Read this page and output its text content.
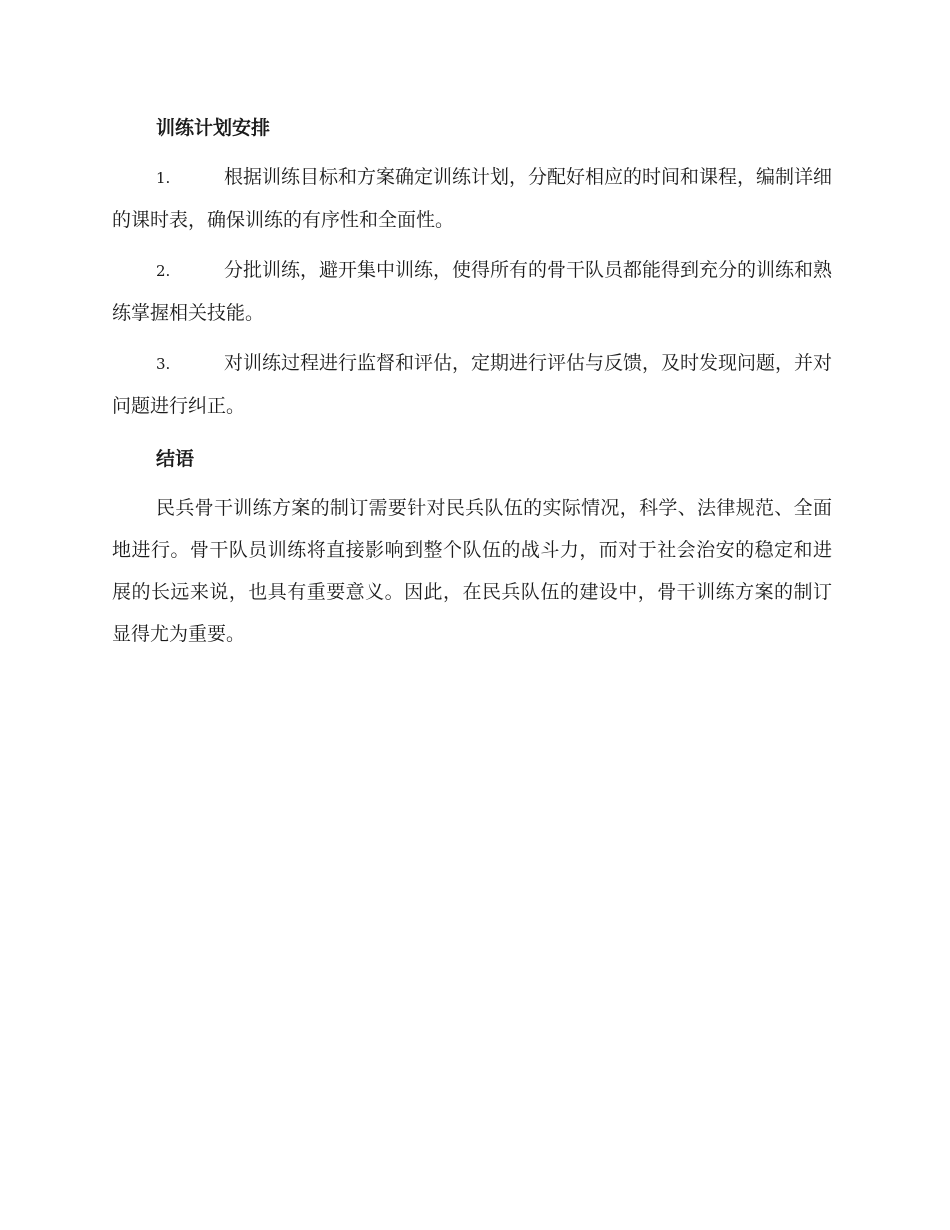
训练计划安排
1.	根据训练目标和方案确定训练计划，分配好相应的时间和课程，编制详细的课时表，确保训练的有序性和全面性。
2.	分批训练，避开集中训练，使得所有的骨干队员都能得到充分的训练和熟练掌握相关技能。
3.	对训练过程进行监督和评估，定期进行评估与反馈，及时发现问题，并对问题进行纠正。
结语

民兵骨干训练方案的制订需要针对民兵队伍的实际情况，科学、法律规范、全面地进行。骨干队员训练将直接影响到整个队伍的战斗力，而对于社会治安的稳定和进展的长远来说，也具有重要意义。因此，在民兵队伍的建设中，骨干训练方案的制订显得尤为重要。
